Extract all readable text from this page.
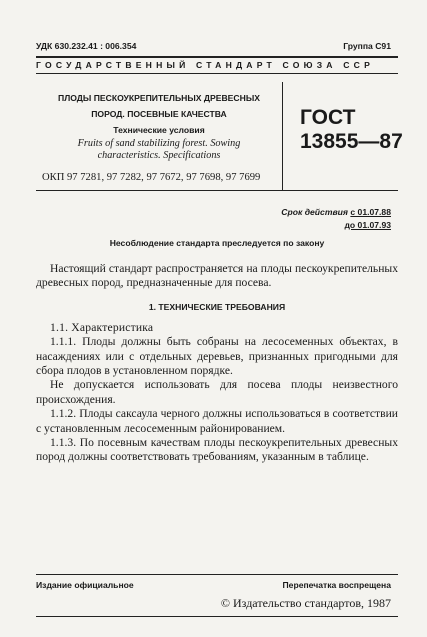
УДК 630.232.41 : 006.354	Группа С91
ГОСУДАРСТВЕННЫЙ СТАНДАРТ СОЮЗА ССР
ПЛОДЫ ПЕСКОУКРЕПИТЕЛЬНЫХ ДРЕВЕСНЫХ
ПОРОД. ПОСЕВНЫЕ КАЧЕСТВА
Технические условия
Fruits of sand stabilizing forest. Sowing
characteristics. Specifications
ГОСТ
13855—87
ОКП 97 7281, 97 7282, 97 7672, 97 7698, 97 7699
Срок действия с 01.07.88
до 01.07.93
Несоблюдение стандарта преследуется по закону

Настоящий стандарт распространяется на плоды пескоукрепительных древесных пород, предназначенные для посева.

1. ТЕХНИЧЕСКИЕ ТРЕБОВАНИЯ

1.1. Характеристика

1.1.1. Плоды должны быть собраны на лесосеменных объектах, в насаждениях или с отдельных деревьев, признанных пригодными для сбора плодов в установленном порядке.

Не допускается использовать для посева плоды неизвестного происхождения.

1.1.2. Плоды саксаула черного должны использоваться в соответствии с установленным лесосеменным районированием.

1.1.3. По посевным качествам плоды пескоукрепительных древесных пород должны соответствовать требованиям, указанным в таблице.

Издание официальное	Перепечатка воспрещена
© Издательство стандартов, 1987
